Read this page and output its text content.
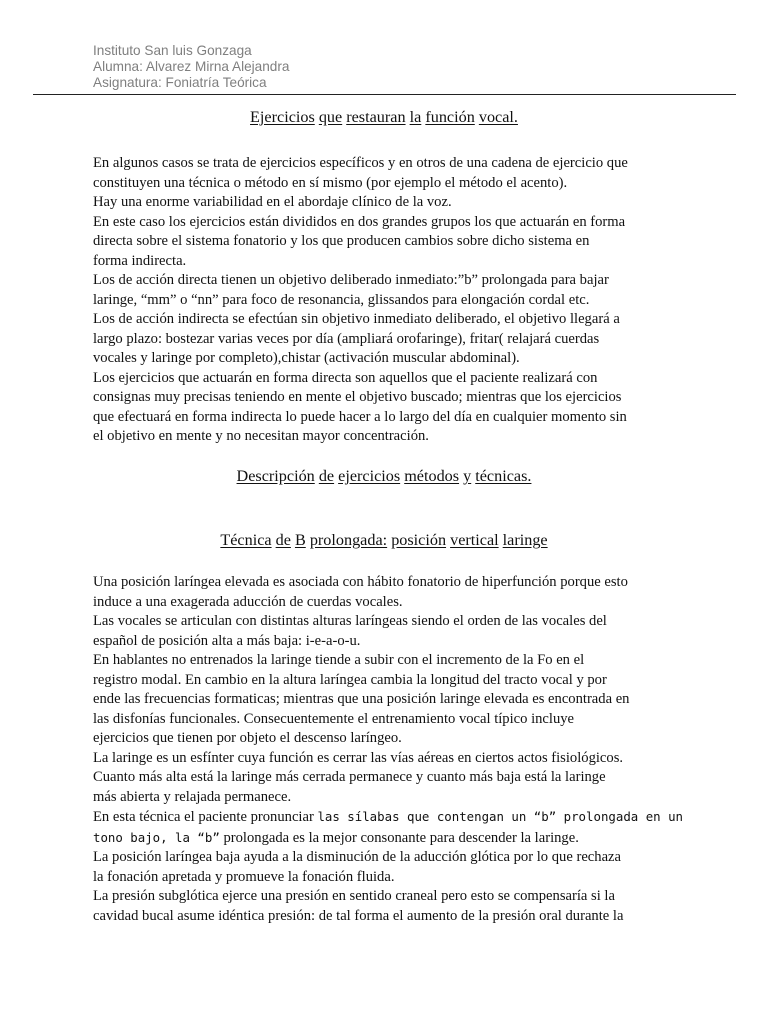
Instituto San luis Gonzaga
Alumna: Alvarez Mirna Alejandra
Asignatura: Foniatría Teórica
Ejercicios que restauran la función vocal.
En algunos casos se trata de ejercicios específicos y en otros de una cadena de ejercicio que
constituyen una técnica o método en sí mismo (por ejemplo el método el acento).
Hay una enorme variabilidad en el abordaje clínico de la voz.
En este caso los ejercicios están divididos en dos grandes grupos los que actuarán en forma
directa sobre el sistema fonatorio y los que producen cambios sobre dicho sistema en
forma indirecta.
Los de acción directa tienen un objetivo deliberado inmediato:”b” prolongada para bajar
laringe, “mm” o “nn” para foco de resonancia, glissandos para elongación cordal etc.
Los de acción indirecta se efectúan sin objetivo inmediato deliberado, el objetivo llegará a
largo plazo: bostezar varias veces por día (ampliará orofaringe), fritar( relajará cuerdas
vocales y laringe por completo),chistar (activación muscular abdominal).
Los ejercicios que actuarán en forma directa son aquellos que el paciente realizará con
consignas muy precisas teniendo en mente el objetivo buscado; mientras que los ejercicios
que efectuará en forma indirecta lo puede hacer a lo largo del día en cualquier momento sin
el objetivo en mente y no necesitan mayor concentración.
Descripción de ejercicios métodos y técnicas.
Técnica de B prolongada: posición vertical laringe
Una posición laríngea elevada es asociada con hábito fonatorio de hiperfunción porque esto
induce a una exagerada aducción de cuerdas vocales.
Las vocales se articulan con distintas alturas laríngeas siendo el orden de las vocales del
español de posición alta a más baja: i-e-a-o-u.
En hablantes no entrenados la laringe tiende a subir con el incremento de la Fo en el
registro modal. En cambio en la altura laríngea cambia la longitud del tracto vocal y por
ende las frecuencias formaticas; mientras que una posición laringe elevada es encontrada en
las disfonías funcionales. Consecuentemente el entrenamiento vocal típico incluye
ejercicios que tienen por objeto el descenso laríngeo.
La laringe es un esfínter cuya función es cerrar las vías aéreas en ciertos actos fisiológicos.
Cuanto más alta está la laringe más cerrada permanece y cuanto más baja está la laringe
más abierta y relajada permanece.
En esta técnica el paciente pronunciar las sílabas que contengan un “b” prolongada en un
tono bajo, la “b” prolongada es la mejor consonante para descender la laringe.
La posición laríngea baja ayuda a la disminución de la aducción glótica por lo que rechaza
la fonación apretada y promueve la fonación fluida.
La presión subglótica ejerce una presión en sentido craneal pero esto se compensaría si la
cavidad bucal asume idéntica presión: de tal forma el aumento de la presión oral durante la
